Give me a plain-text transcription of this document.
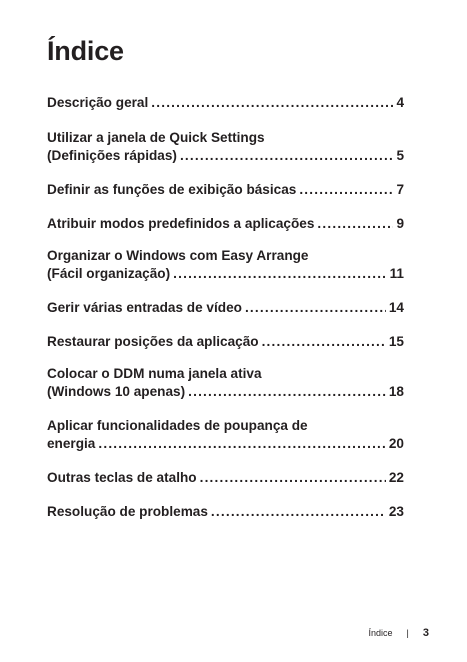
Índice
Descrição geral .....	4
Utilizar a janela de Quick Settings
(Definições rápidas) .....	5
Definir as funções de exibição básicas .....	7
Atribuir modos predefinidos a aplicações .....	9
Organizar o Windows com Easy Arrange
(Fácil organização) .....	11
Gerir várias entradas de vídeo .....	14
Restaurar posições da aplicação .....	15
Colocar o DDM numa janela ativa
(Windows 10 apenas) .....	18
Aplicar funcionalidades de poupança de
energia .....	20
Outras teclas de atalho .....	22
Resolução de problemas .....	23
Índice | 3
